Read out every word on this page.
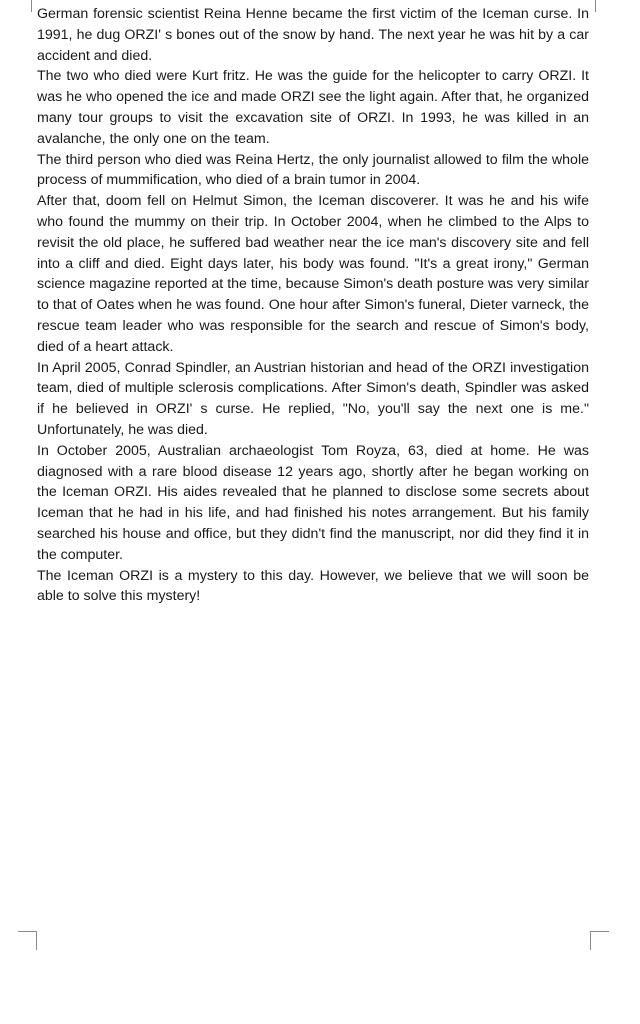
German forensic scientist Reina Henne became the first victim of the Iceman curse. In 1991, he dug ORZI' s bones out of the snow by hand. The next year he was hit by a car accident and died.

The two who died were Kurt fritz. He was the guide for the helicopter to carry ORZI. It was he who opened the ice and made ORZI see the light again. After that, he organized many tour groups to visit the excavation site of ORZI. In 1993, he was killed in an avalanche, the only one on the team.

The third person who died was Reina Hertz, the only journalist allowed to film the whole process of mummification, who died of a brain tumor in 2004.

After that, doom fell on Helmut Simon, the Iceman discoverer. It was he and his wife who found the mummy on their trip. In October 2004, when he climbed to the Alps to revisit the old place, he suffered bad weather near the ice man's discovery site and fell into a cliff and died. Eight days later, his body was found. "It's a great irony," German science magazine reported at the time, because Simon's death posture was very similar to that of Oates when he was found. One hour after Simon's funeral, Dieter varneck, the rescue team leader who was responsible for the search and rescue of Simon's body, died of a heart attack.

In April 2005, Conrad Spindler, an Austrian historian and head of the ORZI investigation team, died of multiple sclerosis complications. After Simon's death, Spindler was asked if he believed in ORZI' s curse. He replied, "No, you'll say the next one is me." Unfortunately, he was died.

In October 2005, Australian archaeologist Tom Royza, 63, died at home. He was diagnosed with a rare blood disease 12 years ago, shortly after he began working on the Iceman ORZI. His aides revealed that he planned to disclose some secrets about Iceman that he had in his life, and had finished his notes arrangement. But his family searched his house and office, but they didn't find the manuscript, nor did they find it in the computer.

The Iceman ORZI is a mystery to this day. However, we believe that we will soon be able to solve this mystery!
